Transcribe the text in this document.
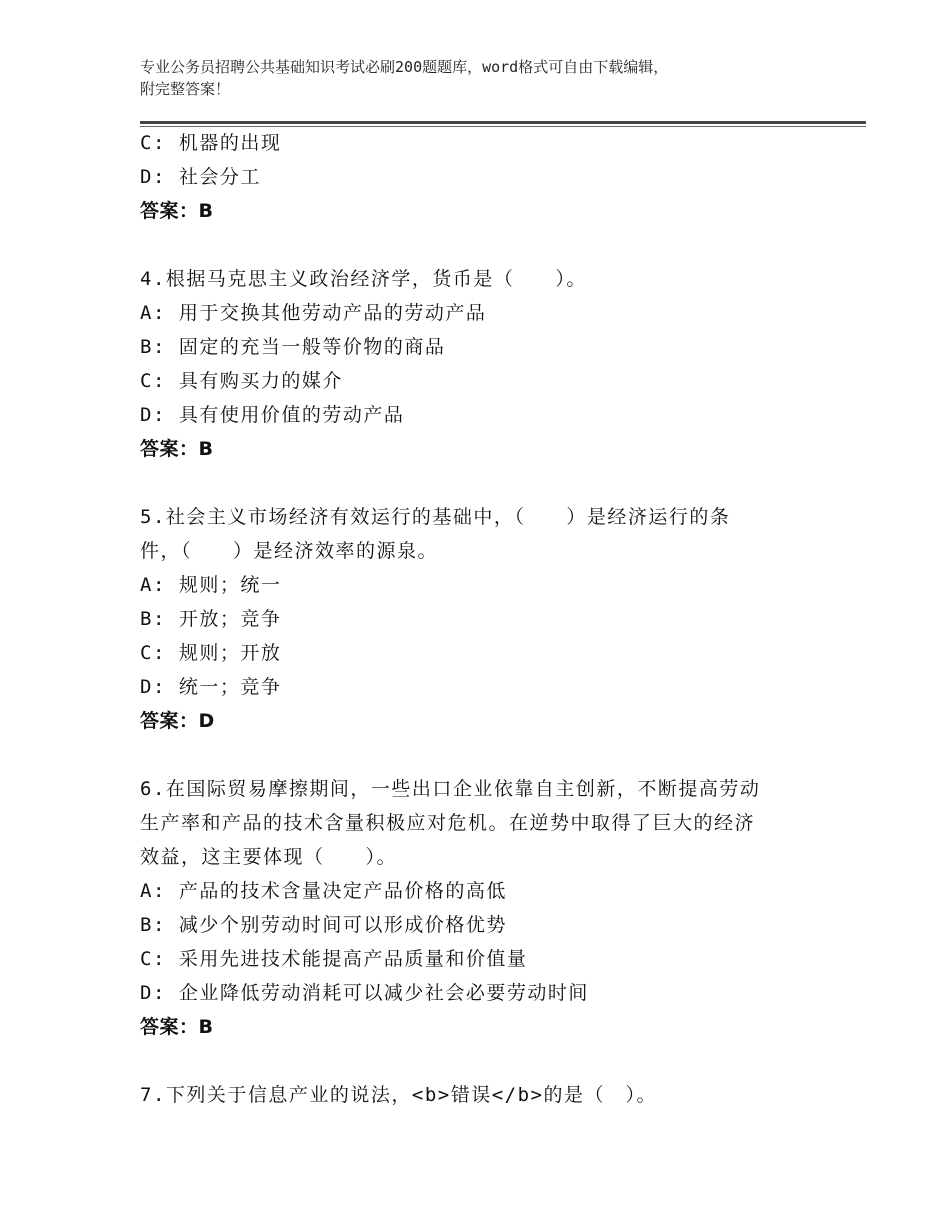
专业公务员招聘公共基础知识考试必刷200题题库，word格式可自由下载编辑，
附完整答案！
C: 机器的出现
D: 社会分工
答案：B
4.根据马克思主义政治经济学，货币是（　　）。
A: 用于交换其他劳动产品的劳动产品
B: 固定的充当一般等价物的商品
C: 具有购买力的媒介
D: 具有使用价值的劳动产品
答案：B
5.社会主义市场经济有效运行的基础中，（　　）是经济运行的条
件，（　　）是经济效率的源泉。
A: 规则；统一
B: 开放；竞争
C: 规则；开放
D: 统一；竞争
答案：D
6.在国际贸易摩擦期间，一些出口企业依靠自主创新，不断提高劳动
生产率和产品的技术含量积极应对危机。在逆势中取得了巨大的经济
效益，这主要体现（　　）。
A: 产品的技术含量决定产品价格的高低
B: 减少个别劳动时间可以形成价格优势
C: 采用先进技术能提高产品质量和价值量
D: 企业降低劳动消耗可以减少社会必要劳动时间
答案：B
7.下列关于信息产业的说法，<b>错误</b>的是（　）。
